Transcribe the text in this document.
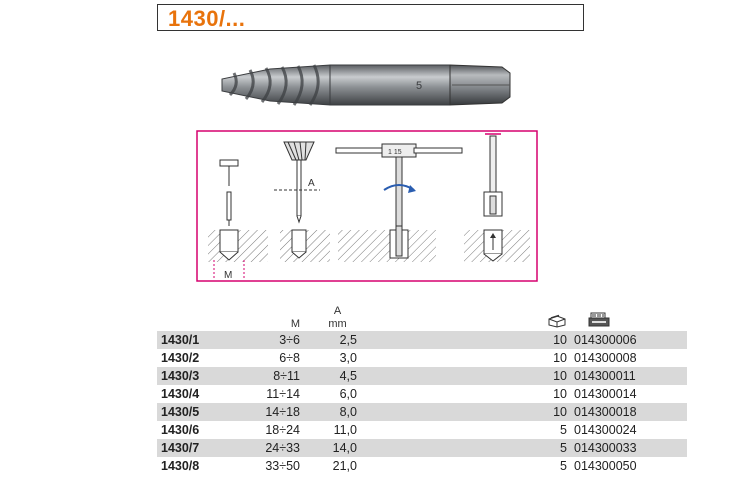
1430/...
5
M
A
1 15
	M	A
mm

1430/1	3÷6	2,5		10	014300006
1430/2	6÷8	3,0		10	014300008
1430/3	8÷11	4,5		10	014300011
1430/4	11÷14	6,0		10	014300014
1430/5	14÷18	8,0		10	014300018
1430/6	18÷24	11,0		5	014300024
1430/7	24÷33	14,0		5	014300033
1430/8	33÷50	21,0		5	014300050
